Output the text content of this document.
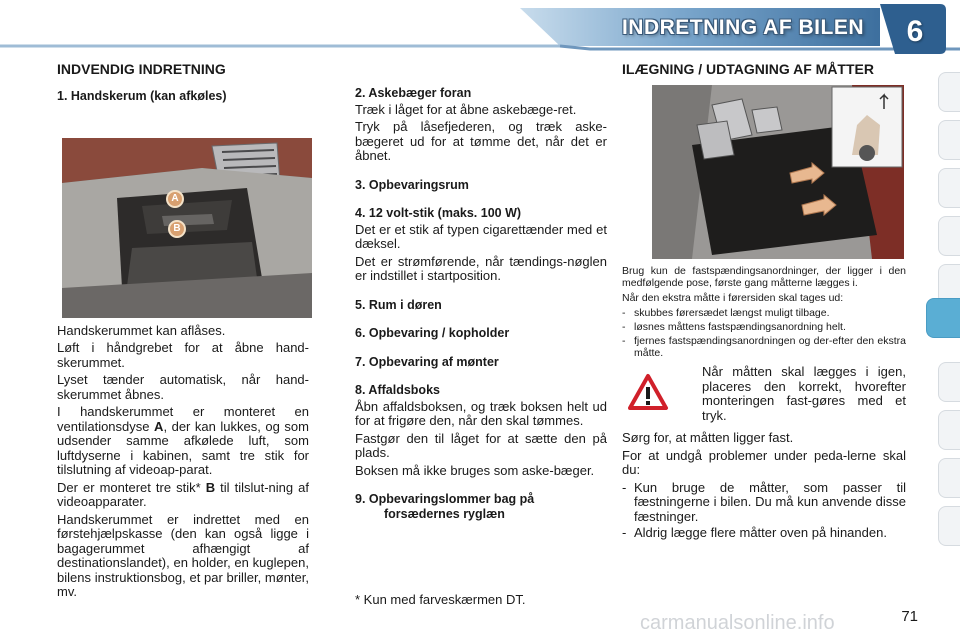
INDRETNING AF BILEN	6
INDVENDIG INDRETNING
1. Handskerum (kan afkøles)
A
B

Handskerummet kan aflåses.

Løft i håndgrebet for at åbne hand-skerummet.

Lyset tænder automatisk, når hand-skerummet åbnes.

I handskerummet er monteret en ventilationsdyse A, der kan lukkes, og som udsender samme afkølede luft, som luftdyserne i kabinen, samt tre stik for tilslutning af videoap-parat.

Der er monteret tre stik* B til tilslut-ning af videoapparater.

Handskerummet er indrettet med en førstehjælpskasse (den kan også ligge i bagagerummet afhængigt af destinationslandet), en holder, en kuglepen, bilens instruktionsbog, et par briller, mønter, mv.

2. Askebæger foran

Træk i låget for at åbne askebæge-ret.

Tryk på låsefjederen, og træk aske-bægeret ud for at tømme det, når det er åbnet.

3. Opbevaringsrum
4. 12 volt-stik (maks. 100 W)

Det er et stik af typen cigarettænder med et dæksel.

Det er strømførende, når tændings-nøglen er indstillet i startposition.

5. Rum i døren
6. Opbevaring / kopholder
7. Opbevaring af mønter
8. Affaldsboks

Åbn affaldsboksen, og træk boksen helt ud for at frigøre den, når den skal tømmes.

Fastgør den til låget for at sætte den på plads.

Boksen må ikke bruges som aske-bæger.

9. Opbevaringslommer bag på
forsædernes ryglæn
* Kun med farveskærmen DT.
ILÆGNING / UDTAGNING AF MÅTTER

Brug kun de fastspændingsanordninger, der ligger i den medfølgende pose, første gang måtterne lægges i.

Når den ekstra måtte i førersiden skal tages ud:

- skubbes førersædet længst muligt tilbage.
- løsnes måttens fastspændingsanordning helt.
- fjernes fastspændingsanordningen og der-efter den ekstra måtte.
Når måtten skal lægges i igen, placeres den korrekt, hvorefter monteringen fast-gøres med et tryk.

Sørg for, at måtten ligger fast.

For at undgå problemer under peda-lerne skal du:

- Kun bruge de måtter, som passer til fæstningerne i bilen. Du må kun anvende disse fæstninger.
- Aldrig lægge flere måtter oven på hinanden.
71
carmanualsonline.info
